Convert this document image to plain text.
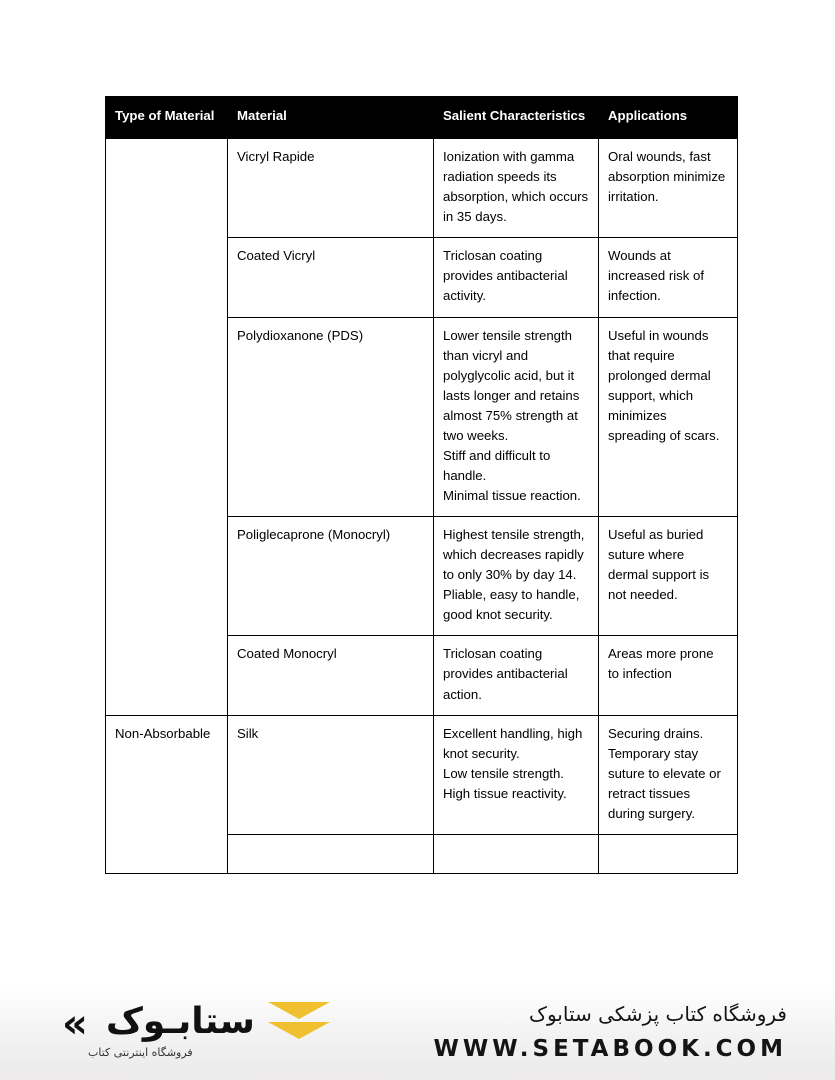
Type of Material	Material	Salient Characteristics	Applications
	Vicryl Rapide	Ionization with gamma radiation speeds its absorption, which occurs in 35 days.	Oral wounds, fast absorption minimize irritation.

	Coated Vicryl	Triclosan coating provides antibacterial activity.	Wounds at increased risk of infection.

	Polydioxanone (PDS)	Lower tensile strength than vicryl and polyglycolic acid, but it lasts longer and retains almost 75% strength at two weeks.
Stiff and difficult to handle.
Minimal tissue reaction.	Useful in wounds that require prolonged dermal support, which minimizes spreading of scars.

	Poliglecaprone (Monocryl)	Highest tensile strength, which decreases rapidly to only 30% by day 14.
Pliable, easy to handle, good knot security.	Useful as buried suture where dermal support is not needed.

	Coated Monocryl	Triclosan coating provides antibacterial action.	Areas more prone to infection

Non-Absorbable	Silk	Excellent handling, high knot security.
Low tensile strength.
High tissue reactivity.	Securing drains. Temporary stay suture to elevate or retract tissues during surgery.

« ستابـوک
فروشگاه اینترنتی کتاب
فروشگاه کتاب پزشکی ستابوک
WWW.SETABOOK.COM
